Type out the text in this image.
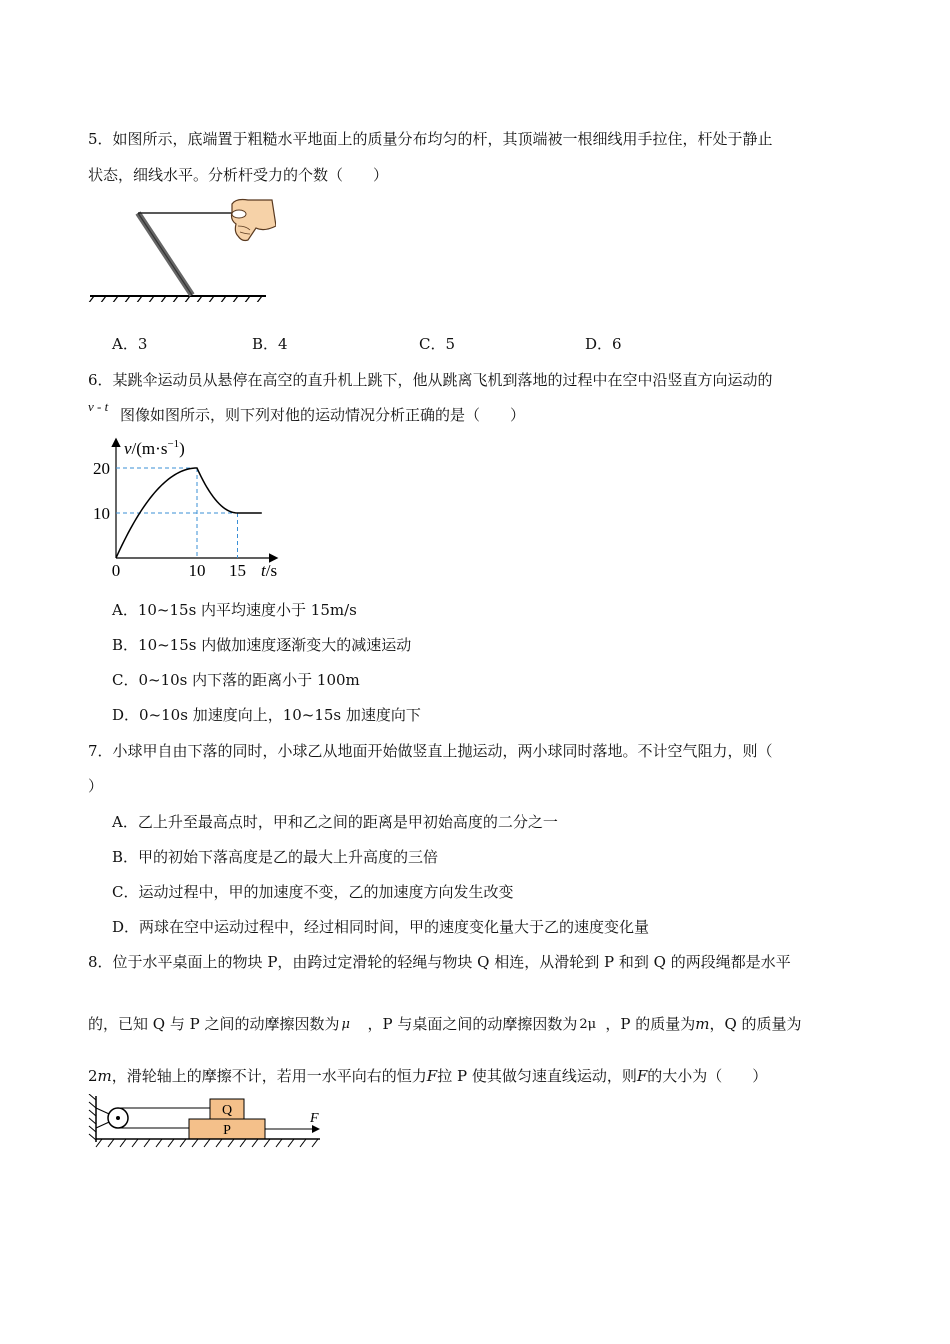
5．如图所示，底端置于粗糙水平地面上的质量分布均匀的杆，其顶端被一根细线用手拉住，杆处于静止
状态，细线水平。分析杆受力的个数（　　）
A．3	B．4	C．5	D．6
6．某跳伞运动员从悬停在高空的直升机上跳下，他从跳离飞机到落地的过程中在空中沿竖直方向运动的
v - t 图像如图所示，则下列对他的运动情况分析正确的是（　　）
$v/(m\cdot s^{-1})$
20
10
0	10 15 t/s
A．10~15s 内平均速度小于 15m/s
B．10~15s 内做加速度逐渐变大的减速运动
C．0~10s 内下落的距离小于 100m
D．0~10s 加速度向上，10~15s 加速度向下
7．小球甲自由下落的同时，小球乙从地面开始做竖直上抛运动，两小球同时落地。不计空气阻力，则（
）
A．乙上升至最高点时，甲和乙之间的距离是甲初始高度的二分之一
B．甲的初始下落高度是乙的最大上升高度的三倍
C．运动过程中，甲的加速度不变，乙的加速度方向发生改变
D．两球在空中运动过程中，经过相同时间，甲的速度变化量大于乙的速度变化量
8．位于水平桌面上的物块 P，由跨过定滑轮的轻绳与物块 Q 相连，从滑轮到 P 和到 Q 的两段绳都是水平
的，已知 Q 与 P 之间的动摩擦因数为 μ ，P 与桌面之间的动摩擦因数为 2μ ，P 的质量为m，Q 的质量为
2m，滑轮轴上的摩擦不计，若用一水平向右的恒力F拉 P 使其做匀速直线运动，则F的大小为（　　）
Q
P
F
